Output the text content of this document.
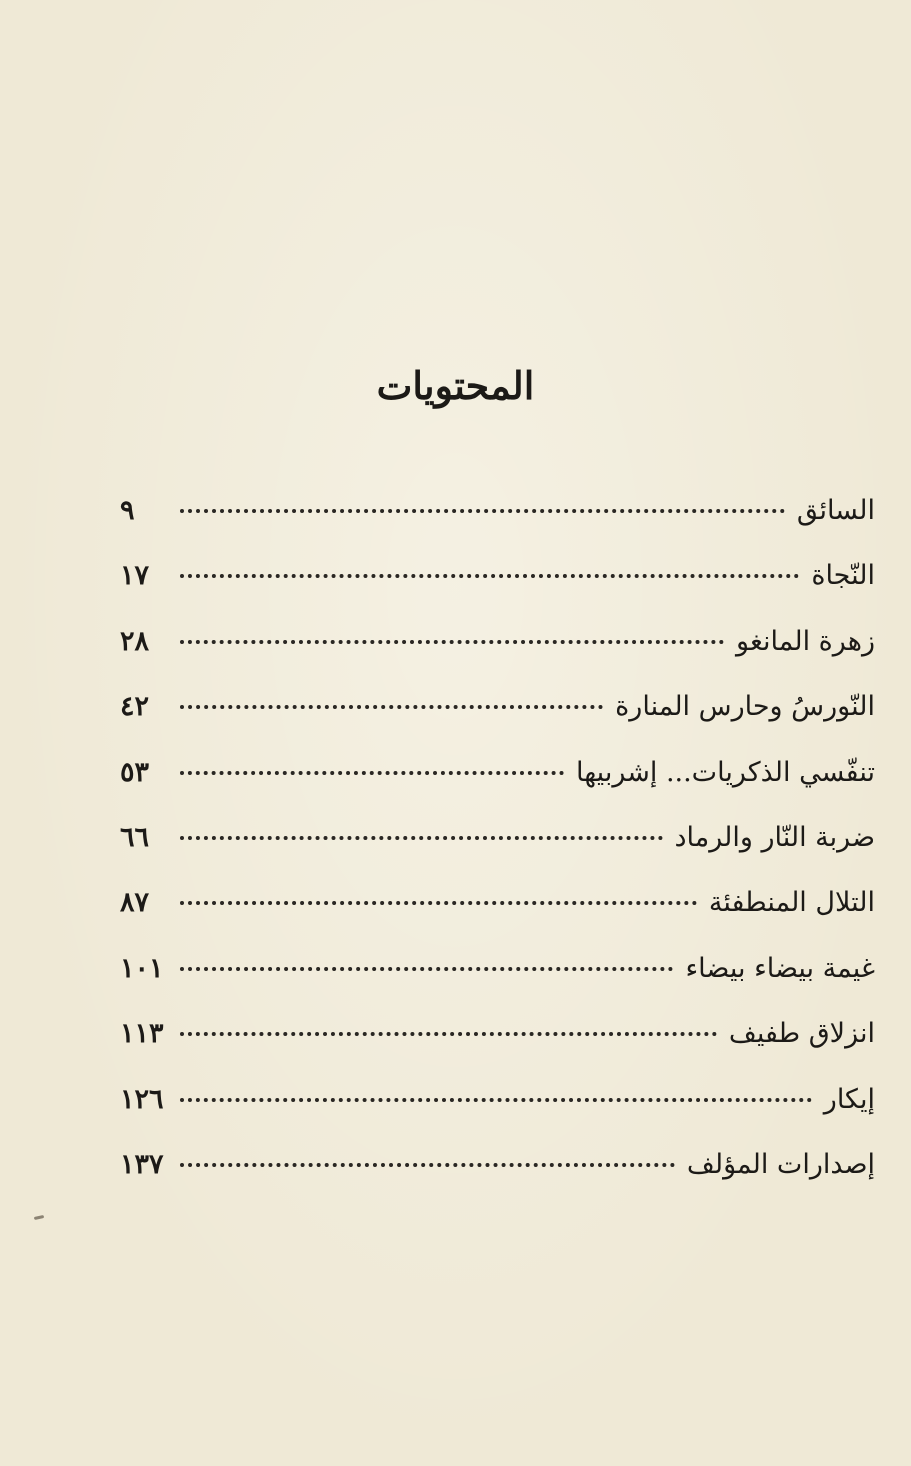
المحتويات
السائق
٩
النّجاة
١٧
زهرة المانغو
٢٨
النّورسُ وحارس المنارة
٤٢
تنفّسي الذكريات... إشربيها
٥٣
ضربة النّار والرماد
٦٦
التلال المنطفئة
٨٧
غيمة بيضاء بيضاء
١٠١
انزلاق طفيف
١١٣
إيكار
١٢٦
إصدارات المؤلف
١٣٧
